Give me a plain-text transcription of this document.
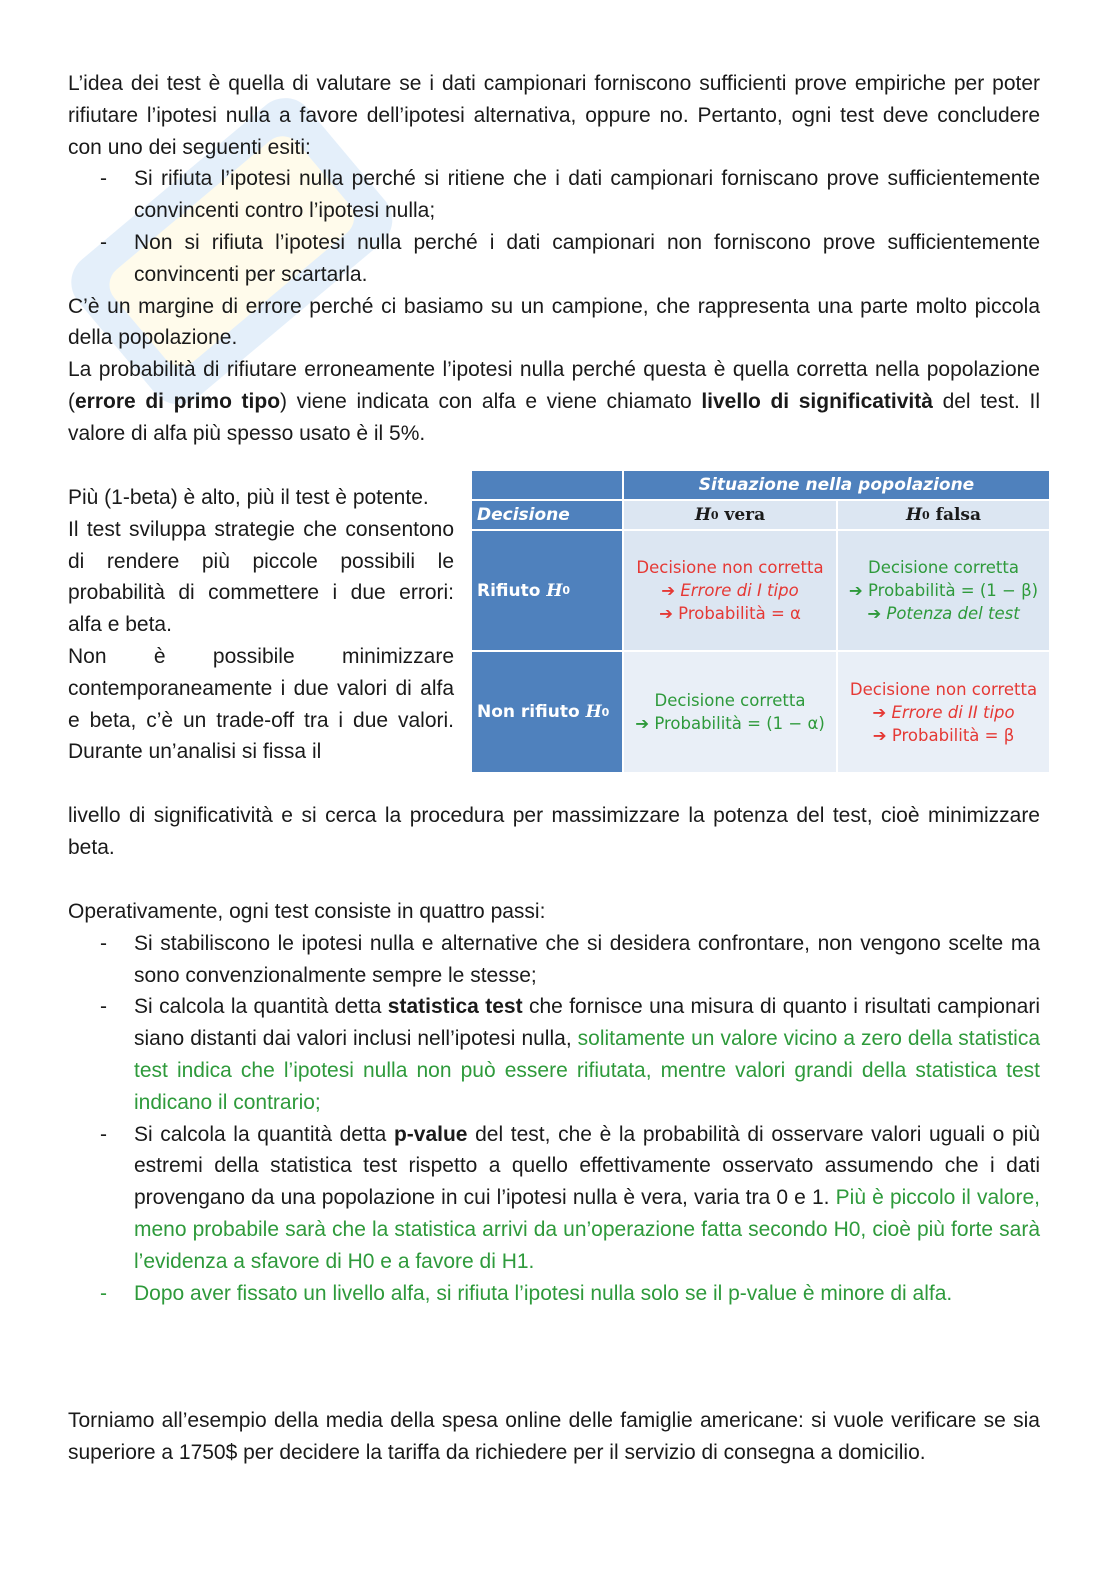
L’idea dei test è quella di valutare se i dati campionari forniscono sufficienti prove empiriche per poter rifiutare l’ipotesi nulla a favore dell’ipotesi alternativa, oppure no. Pertanto, ogni test deve concludere con uno dei seguenti esiti:

- Si rifiuta l’ipotesi nulla perché si ritiene che i dati campionari forniscano prove sufficientemente convincenti contro l’ipotesi nulla;
- Non si rifiuta l’ipotesi nulla perché i dati campionari non forniscono prove sufficientemente convincenti per scartarla.

C’è un margine di errore perché ci basiamo su un campione, che rappresenta una parte molto piccola della popolazione.

La probabilità di rifiutare erroneamente l’ipotesi nulla perché questa è quella corretta nella popolazione (errore di primo tipo) viene indicata con alfa e viene chiamato livello di significatività del test. Il valore di alfa più spesso usato è il 5%.

Più (1-beta) è alto, più il test è potente.

Il test sviluppa strategie che consentono di rendere più piccole possibili le probabilità di commettere i due errori: alfa e beta.

Non è possibile minimizzare contemporaneamente i due valori di alfa e beta, c’è un trade-off tra i due valori. Durante un’analisi si fissa il

livello di significatività e si cerca la procedura per massimizzare la potenza del test, cioè minimizzare beta.
Situazione nella popolazione
Decisione	H 0
vera	H 0
falsa
Rifiuto
H 0
Decisione non corretta
➔ Errore di I tipo
➔ Probabilità = α
Decisione corretta
➔ Probabilità = (1 − β)
➔ Potenza del test
Non rifiuto
H 0
Decisione corretta
➔ Probabilità = (1 − α)
Decisione non corretta
➔ Errore di II tipo
➔ Probabilità = β

Operativamente, ogni test consiste in quattro passi:

- Si stabiliscono le ipotesi nulla e alternative che si desidera confrontare, non vengono scelte ma sono convenzionalmente sempre le stesse;
- Si calcola la quantità detta statistica test che fornisce una misura di quanto i risultati campionari siano distanti dai valori inclusi nell’ipotesi nulla, solitamente un valore vicino a zero della statistica test indica che l’ipotesi nulla non può essere rifiutata, mentre valori grandi della statistica test indicano il contrario;
- Si calcola la quantità detta p-value del test, che è la probabilità di osservare valori uguali o più estremi della statistica test rispetto a quello effettivamente osservato assumendo che i dati provengano da una popolazione in cui l’ipotesi nulla è vera, varia tra 0 e 1. Più è piccolo il valore, meno probabile sarà che la statistica arrivi da un’operazione fatta secondo H0, cioè più forte sarà l’evidenza a sfavore di H0 e a favore di H1.
- Dopo aver fissato un livello alfa, si rifiuta l’ipotesi nulla solo se il p-value è minore di alfa.
Torniamo all’esempio della media della spesa online delle famiglie americane: si vuole verificare se sia superiore a 1750$ per decidere la tariffa da richiedere per il servizio di consegna a domicilio.
